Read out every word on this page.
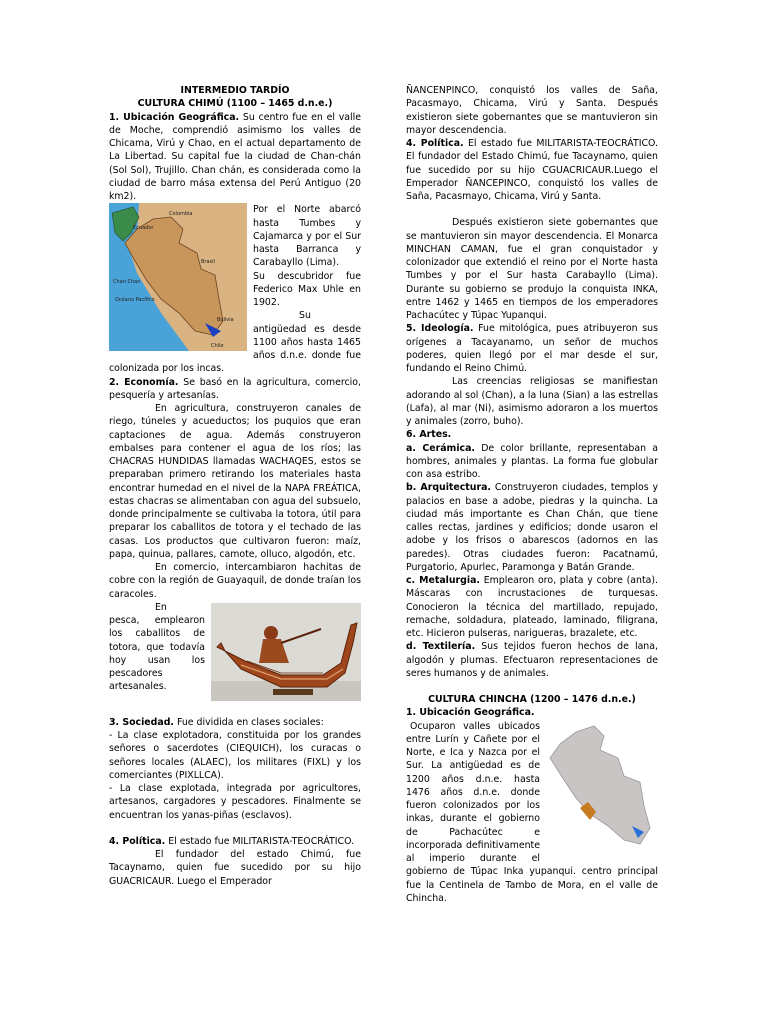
INTERMEDIO TARDÍO

CULTURA CHIMÚ (1100 – 1465 d.n.e.)

1. Ubicación Geográfica. Su centro fue en el valle de Moche, comprendió asimismo los valles de Chicama, Virú y Chao, en el actual departamento de La Libertad. Su capital fue la ciudad de Chan-chán (Sol Sol), Trujillo. Chan chán, es considerada como la ciudad de barro mása extensa del Perú Antiguo (20 km2).

Colombia
Ecuador
Brasil
Chan Chan
Océano Pacífico
Bolivia
Chile

Por el Norte abarcó hasta Tumbes y Cajamarca y por el Sur hasta Barranca y Carabayllo (Lima).

Su descubridor fue Federico Max Uhle en 1902.

Su antigüedad es desde 1100 años hasta 1465 años d.n.e. donde fue colonizada por los incas.

2. Economía. Se basó en la agricultura, comercio, pesquería y artesanías.

En agricultura, construyeron canales de riego, túneles y acueductos; los puquios que eran captaciones de agua. Además construyeron embalses para contener el agua de los ríos; las CHACRAS HUNDIDAS llamadas WACHAQES, estos se preparaban primero retirando los materiales hasta encontrar humedad en el nivel de la NAPA FREÁTICA, estas chacras se alimentaban con agua del subsuelo, donde principalmente se cultivaba la totora, útil para preparar los caballitos de totora y el techado de las casas. Los productos que cultivaron fueron: maíz, papa, quinua, pallares, camote, olluco, algodón, etc.

En comercio, intercambiaron hachitas de cobre con la región de Guayaquil, de donde traían los caracoles.

En

pesca, emplearon los caballitos de totora, que todavía hoy usan los pescadores artesanales.

3. Sociedad. Fue dividida en clases sociales:

- La clase explotadora, constituida por los grandes señores o sacerdotes (CIEQUICH), los curacas o señores locales (ALAEC), los militares (FIXL) y los comerciantes (PIXLLCA).

- La clase explotada, integrada por agricultores, artesanos, cargadores y pescadores. Finalmente se encuentran los yanas-piñas (esclavos).

4. Política. El estado fue MILITARISTA-TEOCRÁTICO.

El fundador del estado Chimú, fue Tacaynamo, quien fue sucedido por su hijo GUACRICAUR. Luego el Emperador

ÑANCENPINCO, conquistó los valles de Saña, Pacasmayo, Chicama, Virú y Santa. Después existieron siete gobernantes que se mantuvieron sin mayor descendencia.

4. Política. El estado fue MILITARISTA-TEOCRÁTICO. El fundador del Estado Chimú, fue Tacaynamo, quien fue sucedido por su hijo CGUACRICAUR.Luego el Emperador ÑANCEPINCO, conquistó los valles de Saña, Pacasmayo, Chicama, Virú y Santa.

Después existieron siete gobernantes que se mantuvieron sin mayor descendencia. El Monarca MINCHAN CAMAN, fue el gran conquistador y colonizador que extendió el reino por el Norte hasta Tumbes y por el Sur hasta Carabayllo (Lima). Durante su gobierno se produjo la conquista INKA, entre 1462 y 1465 en tiempos de los emperadores Pachacútec y Túpac Yupanqui.

5. Ideología. Fue mitológica, pues atribuyeron sus orígenes a Tacayanamo, un señor de muchos poderes, quien llegó por el mar desde el sur, fundando el Reino Chimú.

Las creencias religiosas se manifiestan adorando al sol (Chan), a la luna (Sian) a las estrellas (Lafa), al mar (Ni), asimismo adoraron a los muertos y animales (zorro, buho).

6. Artes.

a. Cerámica. De color brillante, representaban a hombres, animales y plantas. La forma fue globular con asa estribo.

b. Arquitectura. Construyeron ciudades, templos y palacios en base a adobe, piedras y la quincha. La ciudad más importante es Chan Chán, que tiene calles rectas, jardines y edificios; donde usaron el adobe y los frisos o abarescos (adornos en las paredes). Otras ciudades fueron: Pacatnamú, Purgatorio, Apurlec, Paramonga y Batán Grande.

c. Metalurgia. Emplearon oro, plata y cobre (anta). Máscaras con incrustaciones de turquesas. Conocieron la técnica del martillado, repujado, remache, soldadura, plateado, laminado, filigrana, etc. Hicieron pulseras, narigueras, brazalete, etc.

d. Textilería. Sus tejidos fueron hechos de lana, algodón y plumas. Efectuaron representaciones de seres humanos y de animales.

CULTURA CHINCHA (1200 – 1476 d.n.e.)

1. Ubicación Geográfica.

Ocuparon valles ubicados entre Lurín y Cañete por el Norte, e Ica y Nazca por el Sur. La antigüedad es de 1200 años d.n.e. hasta 1476 años d.n.e. donde fueron colonizados por los inkas, durante el gobierno de Pachacútec e incorporada definitivamente al imperio durante el gobierno de Túpac Inka yupanqui. centro principal fue la Centinela de Tambo de Mora, en el valle de Chincha.
